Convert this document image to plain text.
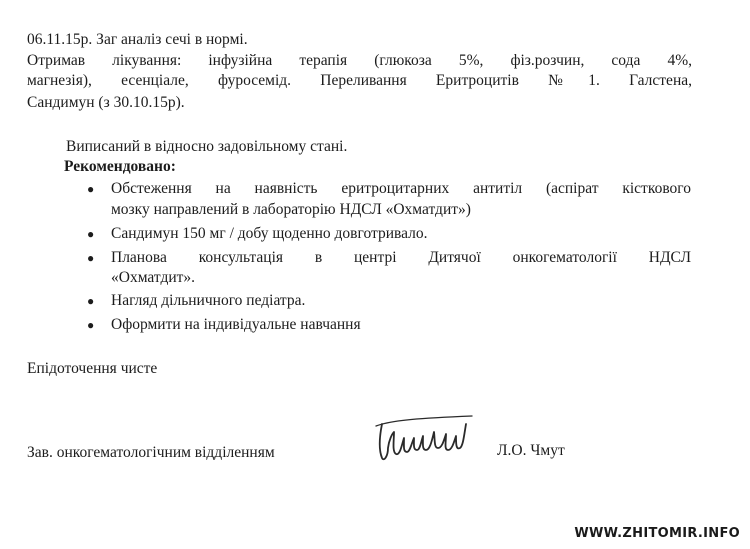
06.11.15р. Заг аналіз сечі в нормі.
Отримав лікування: інфузійна терапія (глюкоза 5%, фіз.розчин, сода 4%,
магнезія), есенціале, фуросемід. Переливання Еритроцитів №1. Галстена,
Сандимун (з 30.10.15р).
Виписаний в відносно задовільному стані.
Рекомендовано:
● Обстеження на наявність еритроцитарних антитіл (аспірат кісткового
мозку направлений в лабораторію НДСЛ «Охматдит»)
● Сандимун 150 мг / добу щоденно довготривало.
● Планова консультація в центрі Дитячої онкогематології НДСЛ
«Охматдит».
● Нагляд дільничного педіатра.
● Оформити на індивідуальне навчання
Епідоточення чисте
Зав. онкогематологічним відділенням	Л.О. Чмут
WWW.ZHITOMIR.INFO
